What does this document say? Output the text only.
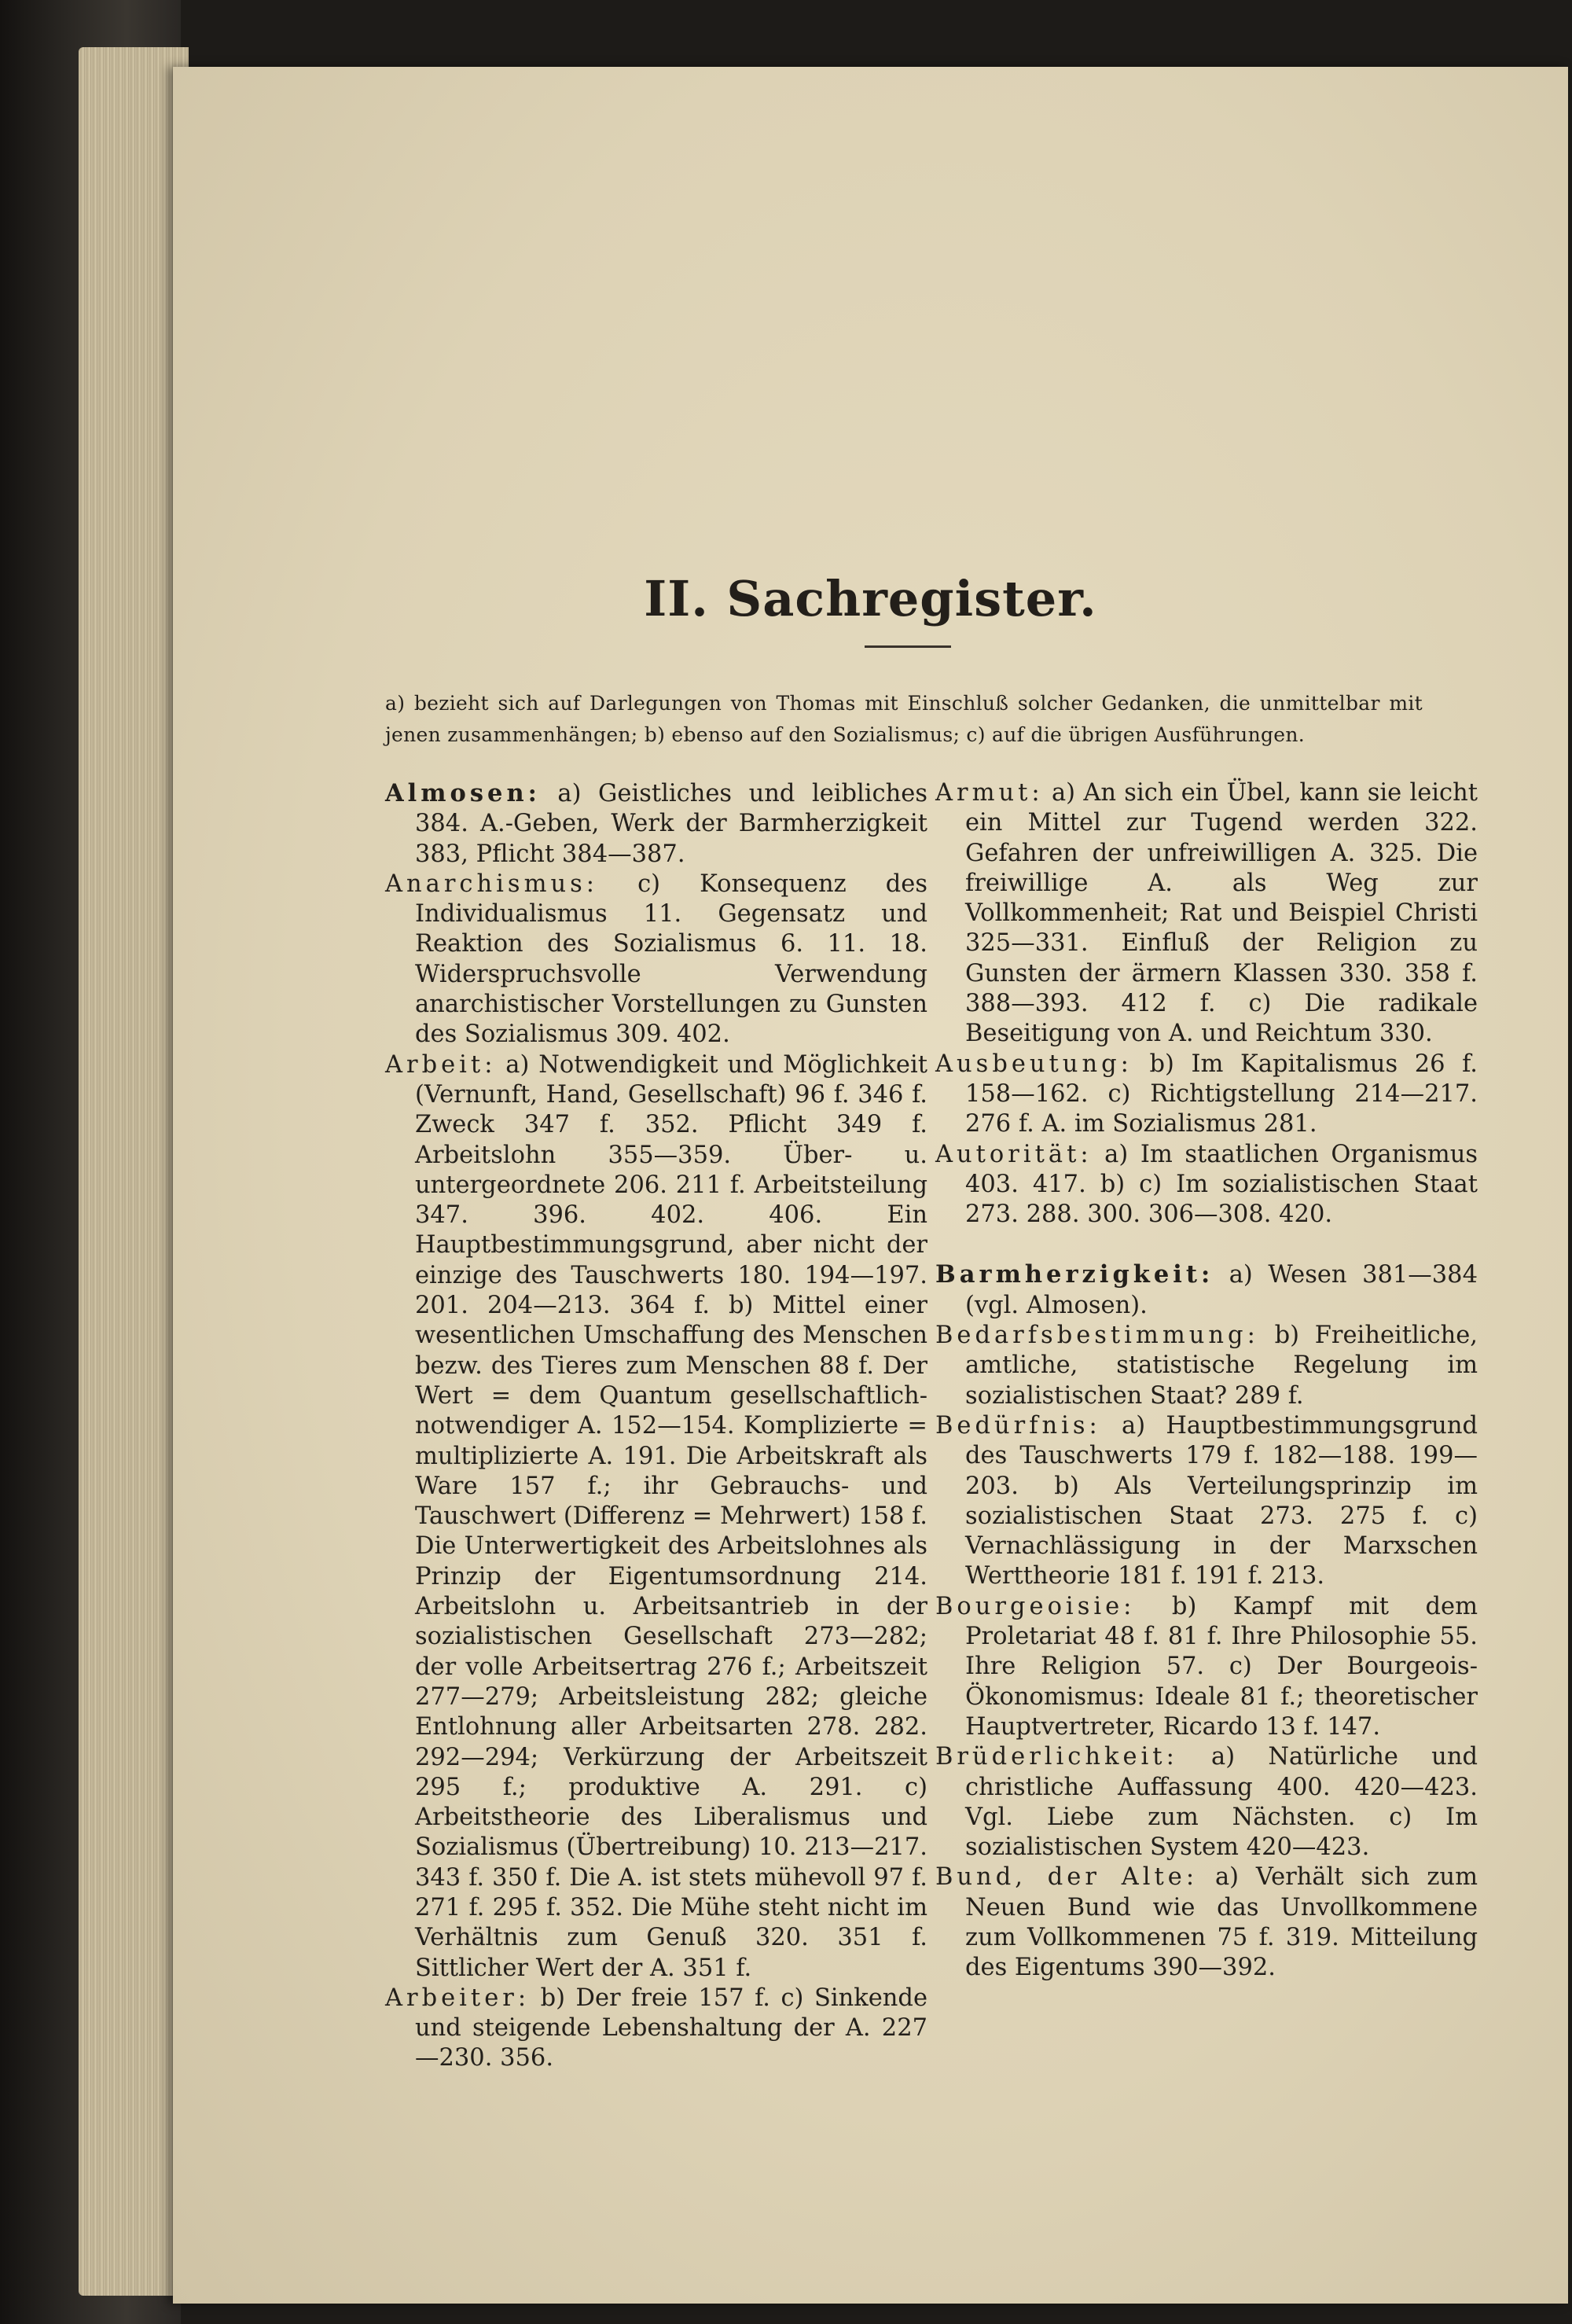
II. Sachregister.
a) bezieht sich auf Darlegungen von Thomas mit Einschluß solcher Gedanken, die unmittelbar mit jenen zusammenhängen; b) ebenso auf den Sozialismus; c) auf die übrigen Ausführungen.
Almosen: a) Geistliches und leibliches 384. A.-Geben, Werk der Barmherzigkeit 383, Pflicht 384—387.
Anarchismus: c) Konsequenz des Individualismus 11. Gegensatz und Reaktion des Sozialismus 6. 11. 18. Widerspruchsvolle Verwendung anarchistischer Vorstellungen zu Gunsten des Sozialismus 309. 402.
Arbeit: a) Notwendigkeit und Möglichkeit (Vernunft, Hand, Gesellschaft) 96 f. 346 f. Zweck 347 f. 352. Pflicht 349 f. Arbeitslohn 355—359. Über- u. untergeordnete 206. 211 f. Arbeitsteilung 347. 396. 402. 406. Ein Hauptbestimmungsgrund, aber nicht der einzige des Tauschwerts 180. 194—197. 201. 204—213. 364 f. b) Mittel einer wesentlichen Umschaffung des Menschen bezw. des Tieres zum Menschen 88 f. Der Wert = dem Quantum gesellschaftlich-notwendiger A. 152—154. Komplizierte = multiplizierte A. 191. Die Arbeitskraft als Ware 157 f.; ihr Gebrauchs- und Tauschwert (Differenz = Mehrwert) 158 f. Die Unterwertigkeit des Arbeitslohnes als Prinzip der Eigentumsordnung 214. Arbeitslohn u. Arbeitsantrieb in der sozialistischen Gesellschaft 273—282; der volle Arbeitsertrag 276 f.; Arbeitszeit 277—279; Arbeitsleistung 282; gleiche Entlohnung aller Arbeitsarten 278. 282. 292—294; Verkürzung der Arbeitszeit 295 f.; produktive A. 291. c) Arbeitstheorie des Liberalismus und Sozialismus (Übertreibung) 10. 213—217. 343 f. 350 f. Die A. ist stets mühevoll 97 f. 271 f. 295 f. 352. Die Mühe steht nicht im Verhältnis zum Genuß 320. 351 f. Sittlicher Wert der A. 351 f.
Arbeiter: b) Der freie 157 f. c) Sinkende und steigende Lebenshaltung der A. 227—230. 356.
Armut: a) An sich ein Übel, kann sie leicht ein Mittel zur Tugend werden 322. Gefahren der unfreiwilligen A. 325. Die freiwillige A. als Weg zur Vollkommenheit; Rat und Beispiel Christi 325—331. Einfluß der Religion zu Gunsten der ärmern Klassen 330. 358 f. 388—393. 412 f. c) Die radikale Beseitigung von A. und Reichtum 330.
Ausbeutung: b) Im Kapitalismus 26 f. 158—162. c) Richtigstellung 214—217. 276 f. A. im Sozialismus 281.
Autorität: a) Im staatlichen Organismus 403. 417. b) c) Im sozialistischen Staat 273. 288. 300. 306—308. 420.
Barmherzigkeit: a) Wesen 381—384 (vgl. Almosen).
Bedarfsbestimmung: b) Freiheitliche, amtliche, statistische Regelung im sozialistischen Staat? 289 f.
Bedürfnis: a) Hauptbestimmungsgrund des Tauschwerts 179 f. 182—188. 199—203. b) Als Verteilungsprinzip im sozialistischen Staat 273. 275 f. c) Vernachlässigung in der Marxschen Werttheorie 181 f. 191 f. 213.
Bourgeoisie: b) Kampf mit dem Proletariat 48 f. 81 f. Ihre Philosophie 55. Ihre Religion 57. c) Der Bourgeois-Ökonomismus: Ideale 81 f.; theoretischer Hauptvertreter, Ricardo 13 f. 147.
Brüderlichkeit: a) Natürliche und christliche Auffassung 400. 420—423. Vgl. Liebe zum Nächsten. c) Im sozialistischen System 420—423.
Bund, der Alte: a) Verhält sich zum Neuen Bund wie das Unvollkommene zum Vollkommenen 75 f. 319. Mitteilung des Eigentums 390—392.
